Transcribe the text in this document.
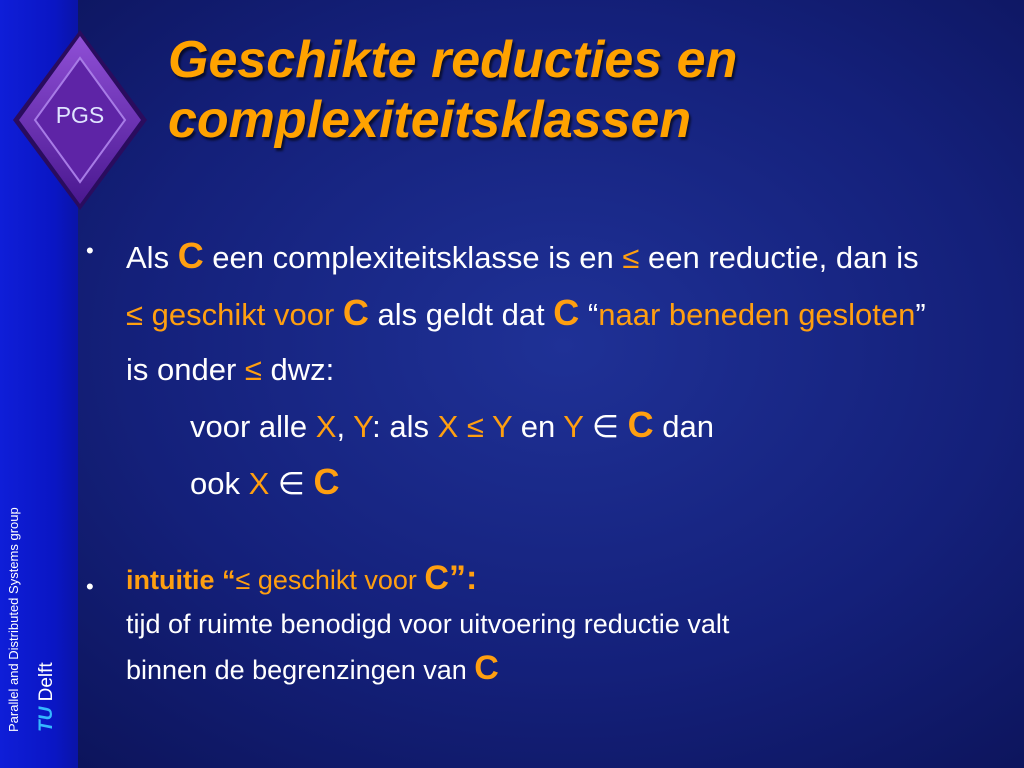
PGS
Parallel and Distributed Systems group TU Delft
Geschikte reducties en
complexiteitsklassen
• Als C een complexiteitsklasse is en ≤ een reductie, dan is ≤ geschikt voor C als geldt dat C “naar beneden gesloten” is onder ≤ dwz:
voor alle X, Y: als X ≤ Y en Y ∈ C dan
ook X ∈ C
• intuitie “≤ geschikt voor C”:
tijd of ruimte benodigd voor uitvoering reductie valt
binnen de begrenzingen van C
